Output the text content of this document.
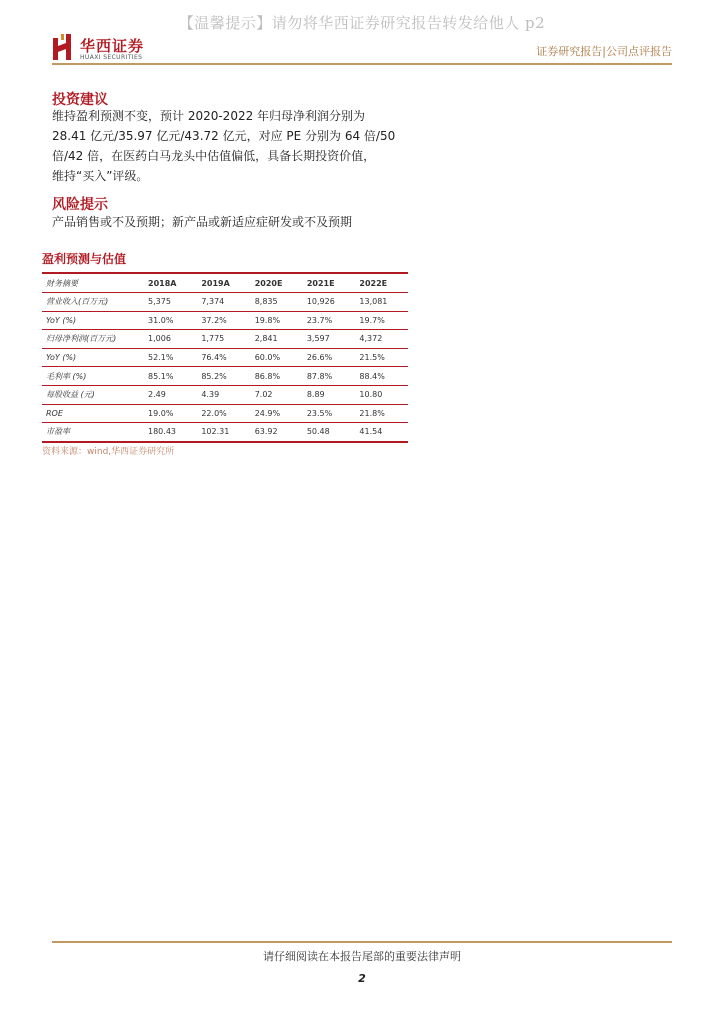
【温馨提示】请勿将华西证券研究报告转发给他人 p2
华西证券
HUAXI SECURITIES	证券研究报告|公司点评报告
投资建议
维持盈利预测不变，预计 2020-2022 年归母净利润分别为
28.41 亿元/35.97 亿元/43.72 亿元，对应 PE 分别为 64 倍/50
倍/42 倍，在医药白马龙头中估值偏低，具备长期投资价值，
维持“买入”评级。
风险提示
产品销售或不及预期；新产品或新适应症研发或不及预期
盈利预测与估值
财务摘要	2018A	2019A	2020E	2021E	2022E
营业收入(百万元)	5,375	7,374	8,835	10,926	13,081
YoY (%)	31.0%	37.2%	19.8%	23.7%	19.7%
归母净利润(百万元)	1,006	1,775	2,841	3,597	4,372
YoY (%)	52.1%	76.4%	60.0%	26.6%	21.5%
毛利率 (%)	85.1%	85.2%	86.8%	87.8%	88.4%
每股收益 (元)	2.49	4.39	7.02	8.89	10.80
ROE	19.0%	22.0%	24.9%	23.5%	21.8%
市盈率	180.43	102.31	63.92	50.48	41.54
资料来源：wind,华西证券研究所
请仔细阅读在本报告尾部的重要法律声明
2
